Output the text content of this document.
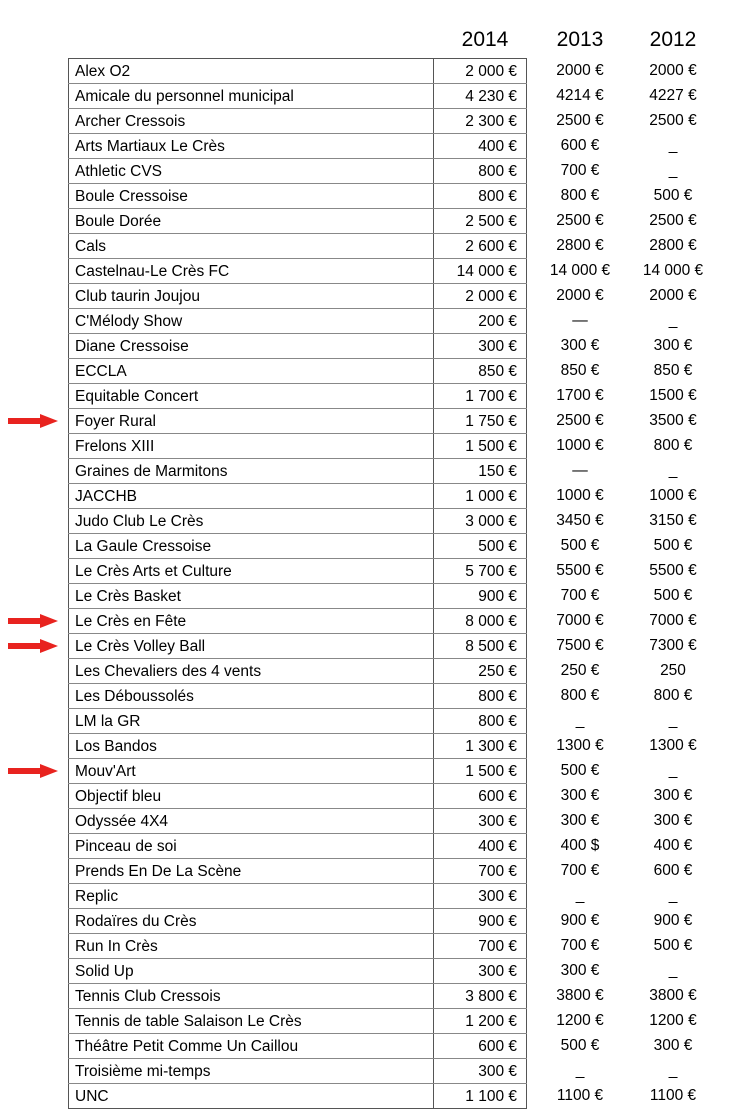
2014	2013	2012
Alex O2	2 000 €	2000 €	2000 €
Amicale du personnel municipal	4 230 €	4214 €	4227 €
Archer Cressois	2 300 €	2500 €	2500 €
Arts Martiaux Le Crès	400 €	600 €	_
Athletic CVS	800 €	700 €	_
Boule Cressoise	800 €	800 €	500 €
Boule Dorée	2 500 €	2500 €	2500 €
Cals	2 600 €	2800 €	2800 €
Castelnau-Le Crès FC	14 000 €	14 000 €	14 000 €
Club taurin Joujou	2 000 €	2000 €	2000 €
C'Mélody Show	200 €	—	_
Diane Cressoise	300 €	300 €	300 €
ECCLA	850 €	850 €	850 €
Equitable Concert	1 700 €	1700 €	1500 €
Foyer Rural	1 750 €	2500 €	3500 €
Frelons XIII	1 500 €	1000 €	800 €
Graines de Marmitons	150 €	—	_
JACCHB	1 000 €	1000 €	1000 €
Judo Club Le Crès	3 000 €	3450 €	3150 €
La Gaule Cressoise	500 €	500 €	500 €
Le Crès Arts et Culture	5 700 €	5500 €	5500 €
Le Crès Basket	900 €	700 €	500 €
Le Crès en Fête	8 000 €	7000 €	7000 €
Le Crès Volley Ball	8 500 €	7500 €	7300 €
Les Chevaliers des 4 vents	250 €	250 €	250
Les Déboussolés	800 €	800 €	800 €
LM la GR	800 €	_	_
Los Bandos	1 300 €	1300 €	1300 €
Mouv'Art	1 500 €	500 €	_
Objectif bleu	600 €	300 €	300 €
Odyssée 4X4	300 €	300 €	300 €
Pinceau de soi	400 €	400 $	400 €
Prends En De La Scène	700 €	700 €	600 €
Replic	300 €	_	_
Rodaïres du Crès	900 €	900 €	900 €
Run In Crès	700 €	700 €	500 €
Solid Up	300 €	300 €	_
Tennis Club Cressois	3 800 €	3800 €	3800 €
Tennis de table Salaison Le Crès	1 200 €	1200 €	1200 €
Théâtre Petit Comme Un Caillou	600 €	500 €	300 €
Troisième mi-temps	300 €	_	_
UNC	1 100 €	1100 €	1100 €
